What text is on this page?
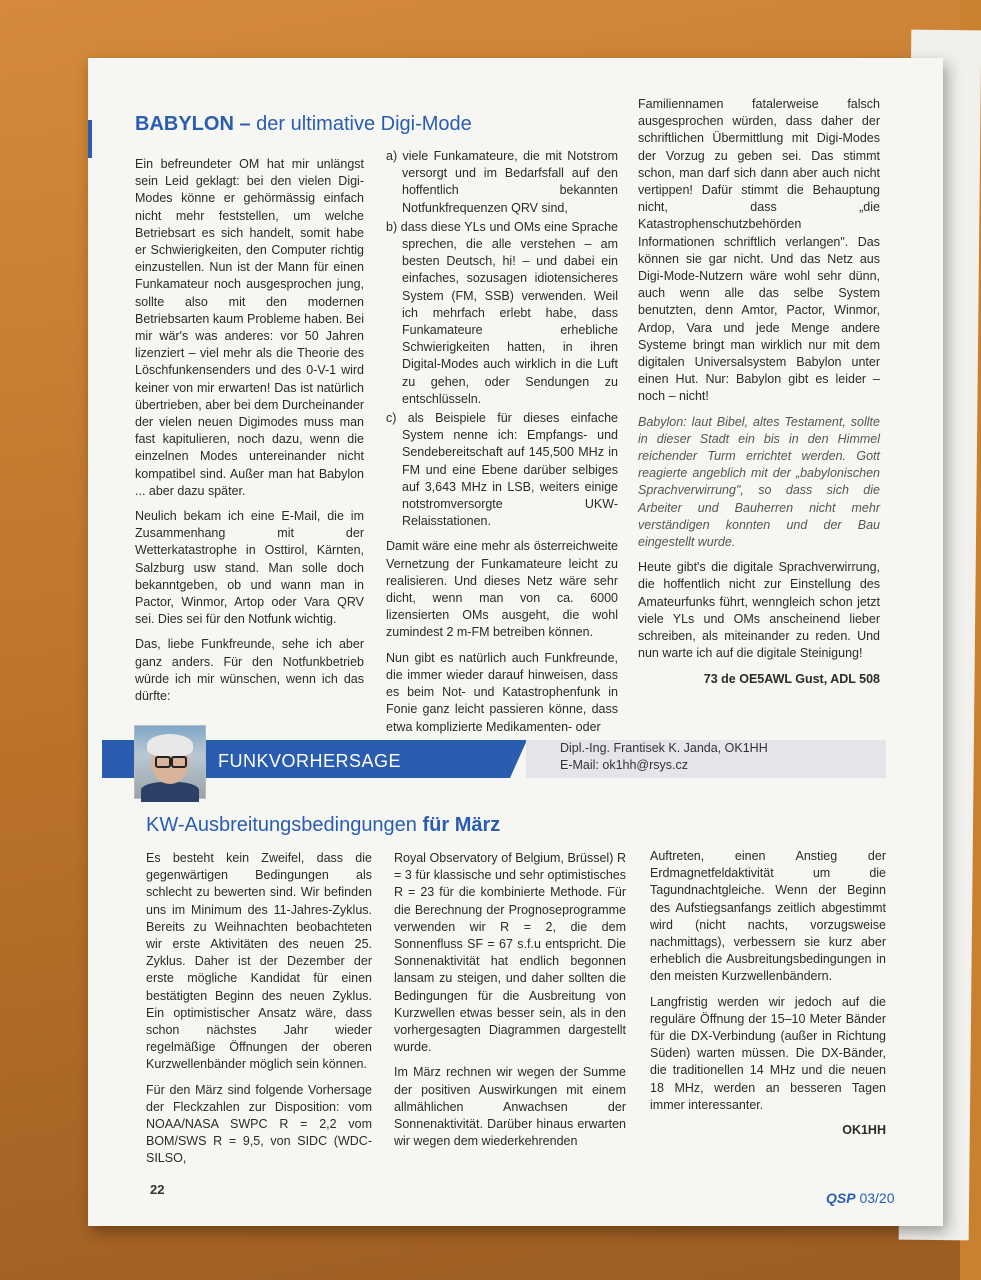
BABYLON – der ultimative Digi-Mode

Ein befreundeter OM hat mir unlängst sein Leid geklagt: bei den vielen Digi-Modes könne er gehörmässig einfach nicht mehr feststellen, um welche Betriebsart es sich handelt, somit habe er Schwierigkeiten, den Computer richtig einzustellen. Nun ist der Mann für einen Funkamateur noch ausgesprochen jung, sollte also mit den modernen Betriebsarten kaum Probleme haben. Bei mir wär's was anderes: vor 50 Jahren lizenziert – viel mehr als die Theorie des Löschfunkensenders und des 0-V-1 wird keiner von mir erwarten! Das ist natürlich übertrieben, aber bei dem Durcheinander der vielen neuen Digimodes muss man fast kapitulieren, noch dazu, wenn die einzelnen Modes untereinander nicht kompatibel sind. Außer man hat Babylon ... aber dazu später.

Neulich bekam ich eine E-Mail, die im Zusammenhang mit der Wetterkatastrophe in Osttirol, Kärnten, Salzburg usw stand. Man solle doch bekanntgeben, ob und wann man in Pactor, Winmor, Artop oder Vara QRV sei. Dies sei für den Notfunk wichtig.

Das, liebe Funkfreunde, sehe ich aber ganz anders. Für den Notfunkbetrieb würde ich mir wünschen, wenn ich das dürfte:

a) viele Funkamateure, die mit Notstrom versorgt und im Bedarfsfall auf den hoffentlich bekannten Notfunkfrequenzen QRV sind,
b) dass diese YLs und OMs eine Sprache sprechen, die alle verstehen – am besten Deutsch, hi! – und dabei ein einfaches, sozusagen idiotensicheres System (FM, SSB) verwenden. Weil ich mehrfach erlebt habe, dass Funkamateure erhebliche Schwierigkeiten hatten, in ihren Digital-Modes auch wirklich in die Luft zu gehen, oder Sendungen zu entschlüsseln.
c) als Beispiele für dieses einfache System nenne ich: Empfangs- und Sendebereitschaft auf 145,500 MHz in FM und eine Ebene darüber selbiges auf 3,643 MHz in LSB, weiters einige notstromversorgte UKW-Relaisstationen.

Damit wäre eine mehr als österreichweite Vernetzung der Funkamateure leicht zu realisieren. Und dieses Netz wäre sehr dicht, wenn man von ca. 6000 lizensierten OMs ausgeht, die wohl zumindest 2 m-FM betreiben können.

Nun gibt es natürlich auch Funkfreunde, die immer wieder darauf hinweisen, dass es beim Not- und Katastrophenfunk in Fonie ganz leicht passieren könne, dass etwa komplizierte Medikamenten- oder

Familiennamen fatalerweise falsch ausgesprochen würden, dass daher der schriftlichen Übermittlung mit Digi-Modes der Vorzug zu geben sei. Das stimmt schon, man darf sich dann aber auch nicht vertippen! Dafür stimmt die Behauptung nicht, dass „die Katastrophenschutzbehörden Informationen schriftlich verlangen". Das können sie gar nicht. Und das Netz aus Digi-Mode-Nutzern wäre wohl sehr dünn, auch wenn alle das selbe System benutzten, denn Amtor, Pactor, Winmor, Ardop, Vara und jede Menge andere Systeme bringt man wirklich nur mit dem digitalen Universalsystem Babylon unter einen Hut. Nur: Babylon gibt es leider – noch – nicht!

Babylon: laut Bibel, altes Testament, sollte in dieser Stadt ein bis in den Himmel reichender Turm errichtet werden. Gott reagierte angeblich mit der „babylonischen Sprachverwirrung", so dass sich die Arbeiter und Bauherren nicht mehr verständigen konnten und der Bau eingestellt wurde.

Heute gibt's die digitale Sprachverwirrung, die hoffentlich nicht zur Einstellung des Amateurfunks führt, wenngleich schon jetzt viele YLs und OMs anscheinend lieber schreiben, als miteinander zu reden. Und nun warte ich auf die digitale Steinigung!

73 de OE5AWL Gust, ADL 508

FUNKVORHERSAGE
Dipl.-Ing. Frantisek K. Janda, OK1HH
E-Mail: ok1hh@rsys.cz
KW-Ausbreitungsbedingungen für März

Es besteht kein Zweifel, dass die gegenwärtigen Bedingungen als schlecht zu bewerten sind. Wir befinden uns im Minimum des 11-Jahres-Zyklus. Bereits zu Weihnachten beobachteten wir erste Aktivitäten des neuen 25. Zyklus. Daher ist der Dezember der erste mögliche Kandidat für einen bestätigten Beginn des neuen Zyklus. Ein optimistischer Ansatz wäre, dass schon nächstes Jahr wieder regelmäßige Öffnungen der oberen Kurzwellenbänder möglich sein können.

Für den März sind folgende Vorhersage der Fleckzahlen zur Disposition: vom NOAA/NASA SWPC R = 2,2 vom BOM/SWS R = 9,5, von SIDC (WDC-SILSO,

Royal Observatory of Belgium, Brüssel) R = 3 für klassische und sehr optimistisches R = 23 für die kombinierte Methode. Für die Berechnung der Prognoseprogramme verwenden wir R = 2, die dem Sonnenfluss SF = 67 s.f.u entspricht. Die Sonnenaktivität hat endlich begonnen lansam zu steigen, und daher sollten die Bedingungen für die Ausbreitung von Kurzwellen etwas besser sein, als in den vorhergesagten Diagrammen dargestellt wurde.

Im März rechnen wir wegen der Summe der positiven Auswirkungen mit einem allmählichen Anwachsen der Sonnenaktivität. Darüber hinaus erwarten wir wegen dem wiederkehrenden

Auftreten, einen Anstieg der Erdmagnetfeldaktivität um die Tagundnachtgleiche. Wenn der Beginn des Aufstiegsanfangs zeitlich abgestimmt wird (nicht nachts, vorzugsweise nachmittags), verbessern sie kurz aber erheblich die Ausbreitungsbedingungen in den meisten Kurzwellenbändern.

Langfristig werden wir jedoch auf die reguläre Öffnung der 15–10 Meter Bänder für die DX-Verbindung (außer in Richtung Süden) warten müssen. Die DX-Bänder, die traditionellen 14 MHz und die neuen 18 MHz, werden an besseren Tagen immer interessanter.

OK1HH

22
QSP 03/20
